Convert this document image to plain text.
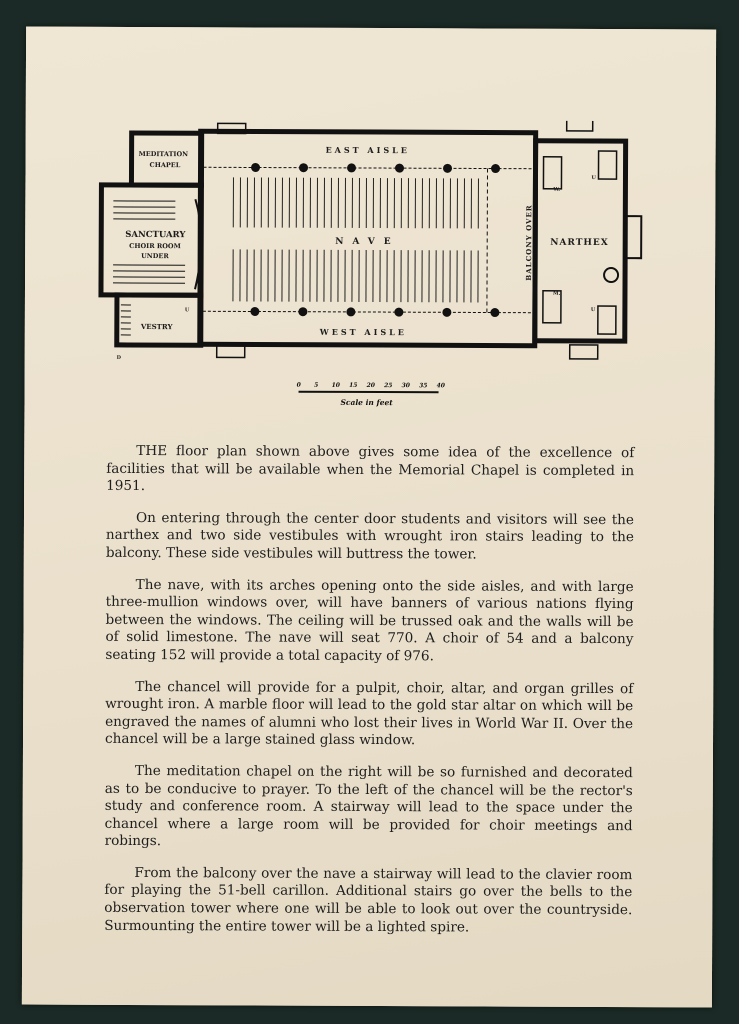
EAST AISLE
WEST AISLE
NAVE	NARTHEX
BALCONY OVER
MEDITATION
CHAPEL
SANCTUARY
CHOIR ROOM
UNDER
VESTRY
W.
M.
U
U
U
D
0 5 10 15 20 25 30 35 40
Scale in feet

THE floor plan shown above gives some idea of the excellence of facilities that will be available when the Memorial Chapel is completed in 1951.

On entering through the center door students and visitors will see the narthex and two side vestibules with wrought iron stairs leading to the balcony. These side vestibules will buttress the tower.

The nave, with its arches opening onto the side aisles, and with large three-mullion windows over, will have banners of various nations flying between the windows. The ceiling will be trussed oak and the walls will be of solid limestone. The nave will seat 770. A choir of 54 and a balcony seating 152 will provide a total capacity of 976.

The chancel will provide for a pulpit, choir, altar, and organ grilles of wrought iron. A marble floor will lead to the gold star altar on which will be engraved the names of alumni who lost their lives in World War II. Over the chancel will be a large stained glass window.

The meditation chapel on the right will be so furnished and decorated as to be conducive to prayer. To the left of the chancel will be the rector's study and conference room. A stairway will lead to the space under the chancel where a large room will be provided for choir meetings and robings.

From the balcony over the nave a stairway will lead to the clavier room for playing the 51-bell carillon. Additional stairs go over the bells to the observation tower where one will be able to look out over the countryside. Surmounting the entire tower will be a lighted spire.
